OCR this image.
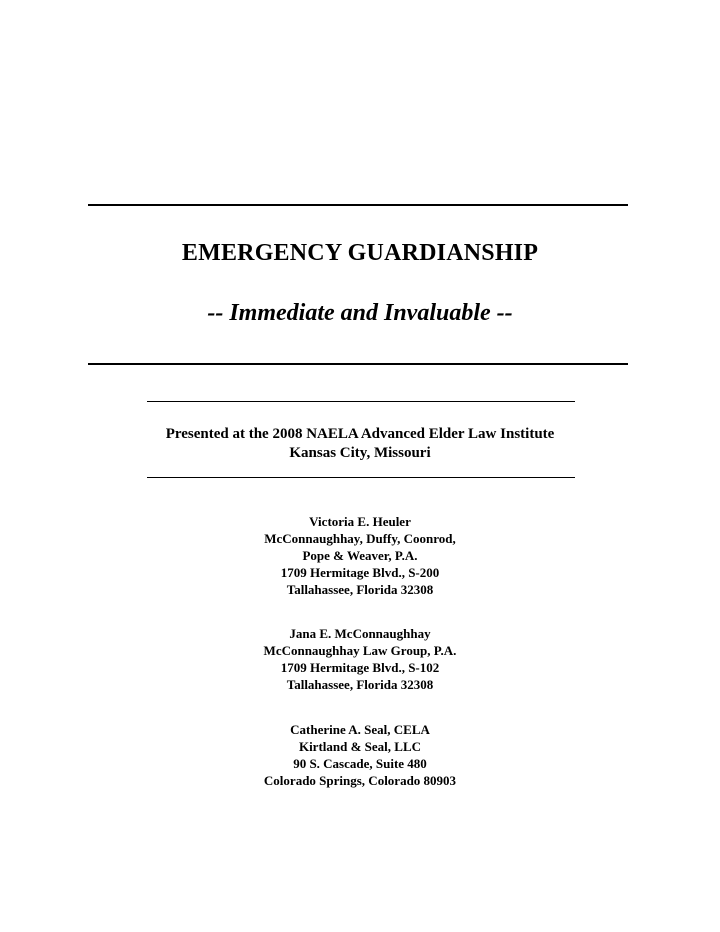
EMERGENCY GUARDIANSHIP
-- Immediate and Invaluable --
Presented at the 2008 NAELA Advanced Elder Law Institute
Kansas City, Missouri
Victoria E. Heuler
McConnaughhay, Duffy, Coonrod,
Pope & Weaver, P.A.
1709 Hermitage Blvd., S-200
Tallahassee, Florida 32308
Jana E. McConnaughhay
McConnaughhay Law Group, P.A.
1709 Hermitage Blvd., S-102
Tallahassee, Florida 32308
Catherine A. Seal, CELA
Kirtland & Seal, LLC
90 S. Cascade, Suite 480
Colorado Springs, Colorado 80903
